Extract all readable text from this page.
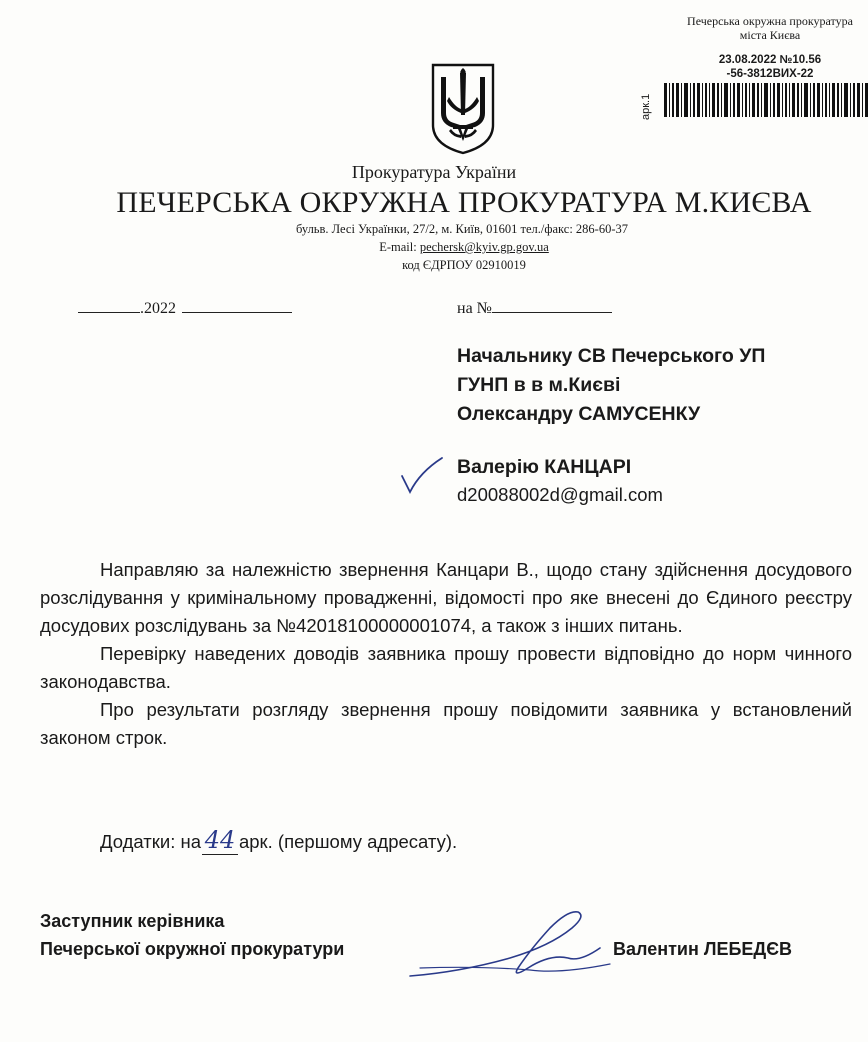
Печерська окружна прокуратура
міста Києва
23.08.2022 №10.56
-56-3812ВИХ-22
арк.1
Прокуратура України
ПЕЧЕРСЬКА ОКРУЖНА ПРОКУРАТУРА М.КИЄВА
бульв. Лесі Українки, 27/2, м. Київ, 01601 тел./факс: 286-60-37
E-mail: pechersk@kyiv.gp.gov.ua
код ЄДРПОУ 02910019
.2022	на №
Начальнику СВ Печерського УП
ГУНП в в м.Києві
Олександру САМУСЕНКУ
Валерію КАНЦАРІ
d20088002d@gmail.com

Направляю за належністю звернення Канцари В., щодо стану здійснення досудового розслідування у кримінальному провадженні, відомості про яке внесені до Єдиного реєстру досудових розслідувань за №42018100000001074, а також з інших питань.

Перевірку наведених доводів заявника прошу провести відповідно до норм чинного законодавства.

Про результати розгляду звернення прошу повідомити заявника у встановлений законом строк.

Додатки: на 44 арк. (першому адресату).
Заступник керівника
Печерської окружної прокуратури	Валентин ЛЕБЕДЄВ
